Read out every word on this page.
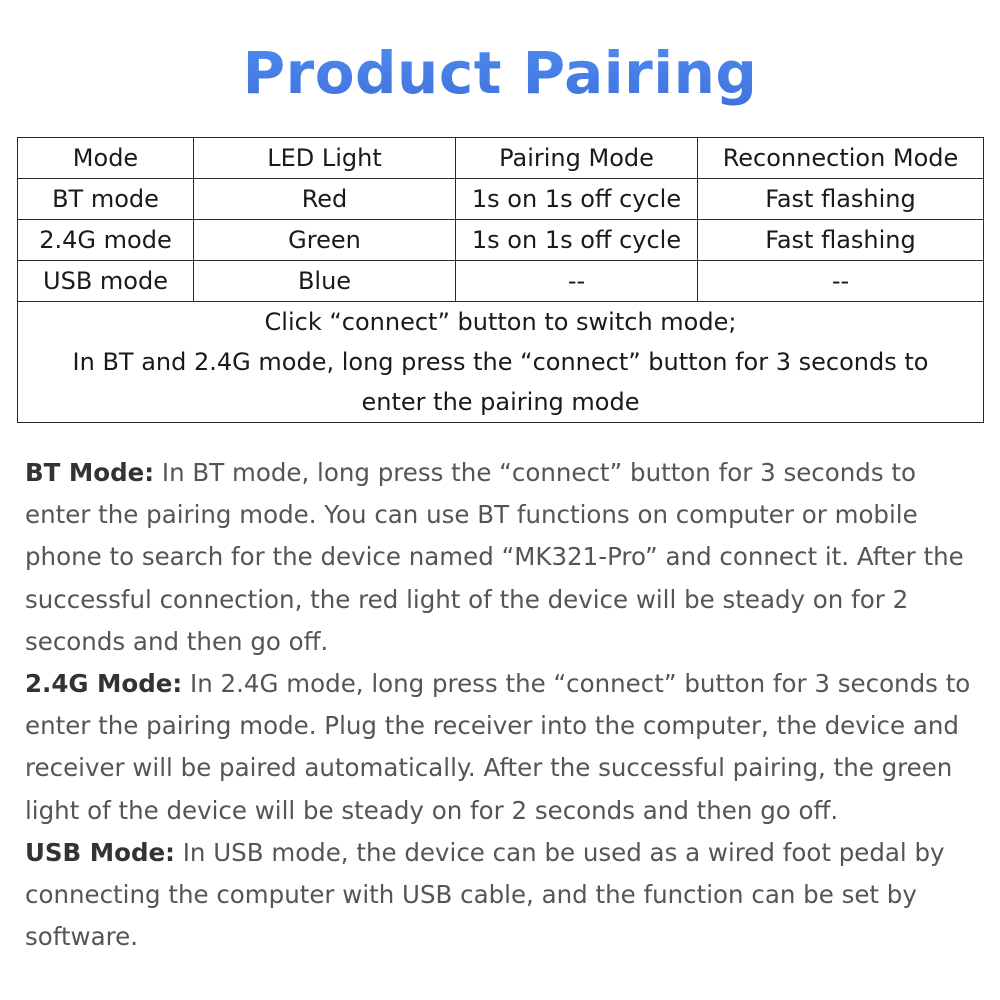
Product Pairing
Mode	LED Light	Pairing Mode	Reconnection Mode
BT mode	Red	1s on 1s off cycle	Fast flashing
2.4G mode	Green	1s on 1s off cycle	Fast flashing
USB mode	Blue	--	--

Click “connect” button to switch mode;
In BT and 2.4G mode, long press the “connect” button for 3 seconds to
enter the pairing mode			

BT Mode: In BT mode, long press the “connect” button for 3 seconds to enter the pairing mode. You can use BT functions on computer or mobile phone to search for the device named “MK321-Pro” and connect it. After the successful connection, the red light of the device will be steady on for 2 seconds and then go off.

2.4G Mode: In 2.4G mode, long press the “connect” button for 3 seconds to enter the pairing mode. Plug the receiver into the computer, the device and receiver will be paired automatically. After the successful pairing, the green light of the device will be steady on for 2 seconds and then go off.

USB Mode: In USB mode, the device can be used as a wired foot pedal by connecting the computer with USB cable, and the function can be set by software.
